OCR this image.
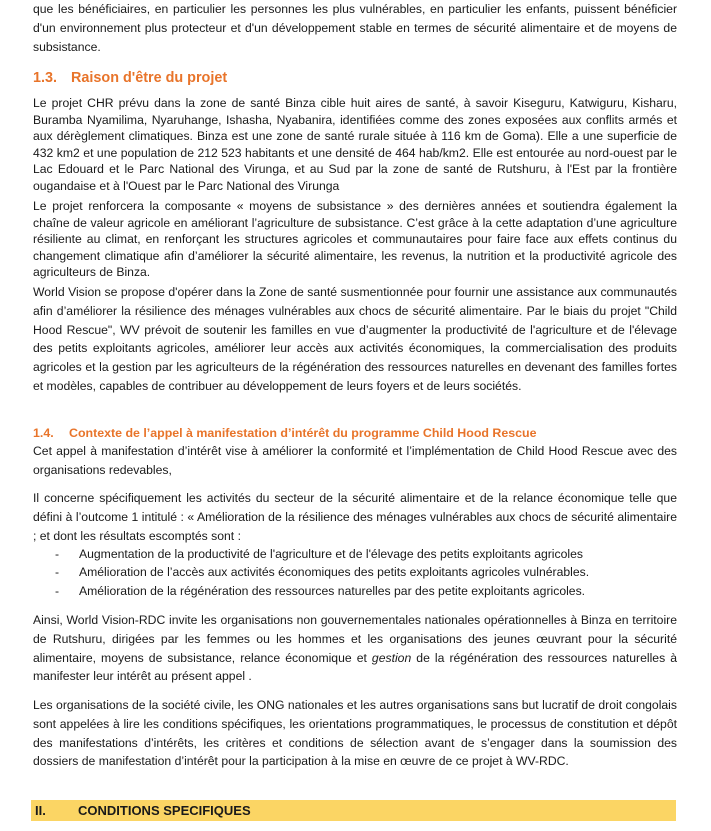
que les bénéficiaires, en particulier les personnes les plus vulnérables, en particulier les enfants, puissent bénéficier d'un environnement plus protecteur et d'un développement stable en termes de sécurité alimentaire et de moyens de subsistance.

1.3. Raison d'être du projet

Le projet CHR prévu dans la zone de santé Binza cible huit aires de santé, à savoir Kiseguru, Katwiguru, Kisharu, Buramba Nyamilima, Nyaruhange, Ishasha, Nyabanira, identifiées comme des zones exposées aux conflits armés et aux dérèglement climatiques. Binza est une zone de santé rurale située à 116 km de Goma). Elle a une superficie de 432 km2 et une population de 212 523 habitants et une densité de 464 hab/km2. Elle est entourée au nord-ouest par le Lac Edouard et le Parc National des Virunga, et au Sud par la zone de santé de Rutshuru, à l'Est par la frontière ougandaise et à l'Ouest par le Parc National des Virunga

Le projet renforcera la composante « moyens de subsistance » des dernières années et soutiendra également la chaîne de valeur agricole en améliorant l’agriculture de subsistance. C’est grâce à la cette adaptation d’une agriculture résiliente au climat, en renforçant les structures agricoles et communautaires pour faire face aux effets continus du changement climatique afin d’améliorer la sécurité alimentaire, les revenus, la nutrition et la productivité agricole des agriculteurs de Binza.

World Vision se propose d'opérer dans la Zone de santé susmentionnée pour fournir une assistance aux communautés afin d’améliorer la résilience des ménages vulnérables aux chocs de sécurité alimentaire. Par le biais du projet "Child Hood Rescue", WV prévoit de soutenir les familles en vue d’augmenter la productivité de l'agriculture et de l'élevage des petits exploitants agricoles, améliorer leur accès aux activités économiques, la commercialisation des produits agricoles et la gestion par les agriculteurs de la régénération des ressources naturelles en devenant des familles fortes et modèles, capables de contribuer au développement de leurs foyers et de leurs sociétés.

1.4. Contexte de l’appel à manifestation d’intérêt du programme Child Hood Rescue

Cet appel à manifestation d’intérêt vise à améliorer la conformité et l’implémentation de Child Hood Rescue avec des organisations redevables,

Il concerne spécifiquement les activités du secteur de la sécurité alimentaire et de la relance économique telle que défini à l’outcome 1 intitulé : « Amélioration de la résilience des ménages vulnérables aux chocs de sécurité alimentaire ; et dont les résultats escomptés sont :

- Augmentation de la productivité de l'agriculture et de l'élevage des petits exploitants agricoles
- Amélioration de l’accès aux activités économiques des petits exploitants agricoles vulnérables.
- Amélioration de la régénération des ressources naturelles par des petite exploitants agricoles.

Ainsi, World Vision-RDC invite les organisations non gouvernementales nationales opérationnelles à Binza en territoire de Rutshuru, dirigées par les femmes ou les hommes et les organisations des jeunes œuvrant pour la sécurité alimentaire, moyens de subsistance, relance économique et gestion de la régénération des ressources naturelles à manifester leur intérêt au présent appel .

Les organisations de la société civile, les ONG nationales et les autres organisations sans but lucratif de droit congolais sont appelées à lire les conditions spécifiques, les orientations programmatiques, le processus de constitution et dépôt des manifestations d’intérêts, les critères et conditions de sélection avant de s’engager dans la soumission des dossiers de manifestation d’intérêt pour la participation à la mise en œuvre de ce projet à WV-RDC.

II. CONDITIONS SPECIFIQUES
